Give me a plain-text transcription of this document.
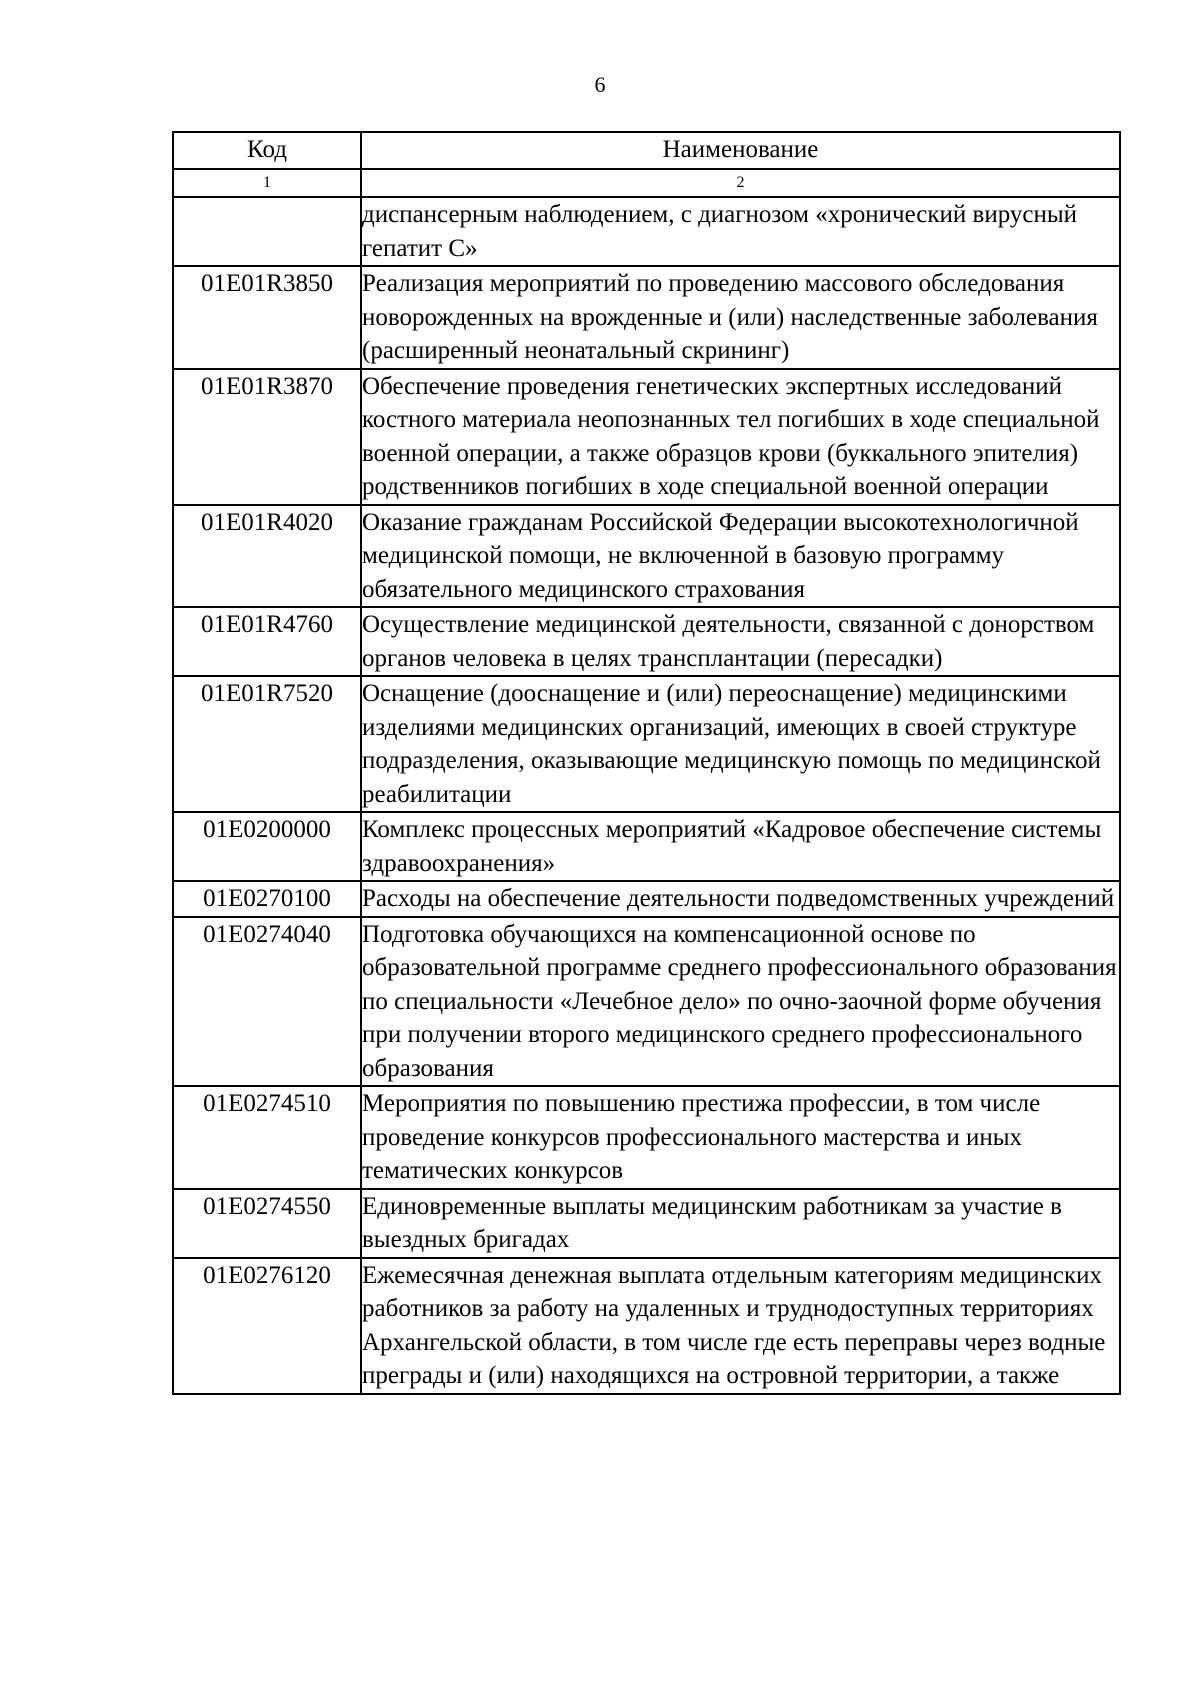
6
Код	Наименование
1	2
	диспансерным наблюдением, с диагнозом «хронический вирусный гепатит С»
01E01R3850	Реализация мероприятий по проведению массового обследования новорожденных на врожденные и (или) наследственные заболевания (расширенный неонатальный скрининг)
01E01R3870	Обеспечение проведения генетических экспертных исследований костного материала неопознанных тел погибших в ходе специальной военной операции, а также образцов крови (буккального эпителия) родственников погибших в ходе специальной военной операции
01E01R4020	Оказание гражданам Российской Федерации высокотехнологичной медицинской помощи, не включенной в базовую программу обязательного медицинского страхования
01E01R4760	Осуществление медицинской деятельности, связанной с донорством органов человека в целях трансплантации (пересадки)
01E01R7520	Оснащение (дооснащение и (или) переоснащение) медицинскими изделиями медицинских организаций, имеющих в своей структуре подразделения, оказывающие медицинскую помощь по медицинской реабилитации
01E0200000	Комплекс процессных мероприятий «Кадровое обеспечение системы здравоохранения»
01E0270100	Расходы на обеспечение деятельности подведомственных учреждений
01E0274040	Подготовка обучающихся на компенсационной основе по образовательной программе среднего профессионального образования по специальности «Лечебное дело» по очно-заочной форме обучения при получении второго медицинского среднего профессионального образования
01E0274510	Мероприятия по повышению престижа профессии, в том числе проведение конкурсов профессионального мастерства и иных тематических конкурсов
01E0274550	Единовременные выплаты медицинским работникам за участие в выездных бригадах
01E0276120	Ежемесячная денежная выплата отдельным категориям медицинских работников за работу на удаленных и труднодоступных территориях Архангельской области, в том числе где есть переправы через водные преграды и (или) находящихся на островной территории, а также
